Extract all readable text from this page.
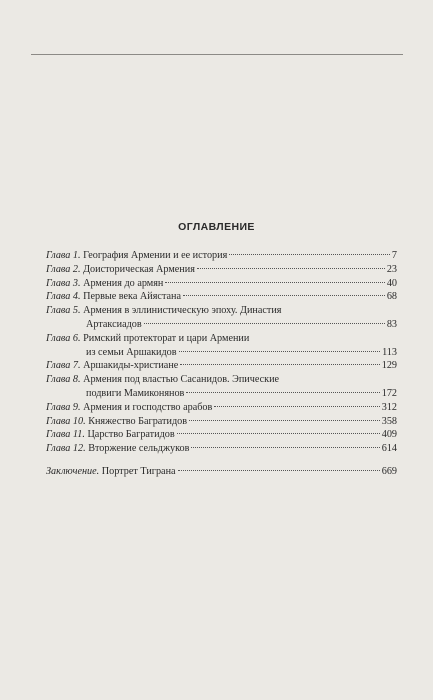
ОГЛАВЛЕНИЕ
Глава 1. География Армении и ее история	7
Глава 2. Доисторическая Армения	23
Глава 3. Армения до армян	40
Глава 4. Первые века Айястана	68
Глава 5. Армения в эллинистическую эпоху. Династия
Артаксиадов	83
Глава 6. Римский протекторат и цари Армении
из семьи Аршакидов	113
Глава 7. Аршакиды-христиане	129
Глава 8. Армения под властью Сасанидов. Эпические
подвиги Мамиконянов	172
Глава 9. Армения и господство арабов	312
Глава 10. Княжество Багратидов	358
Глава 11. Царство Багратидов	409
Глава 12. Вторжение сельджуков	614
Заключение. Портрет Тиграна	669
